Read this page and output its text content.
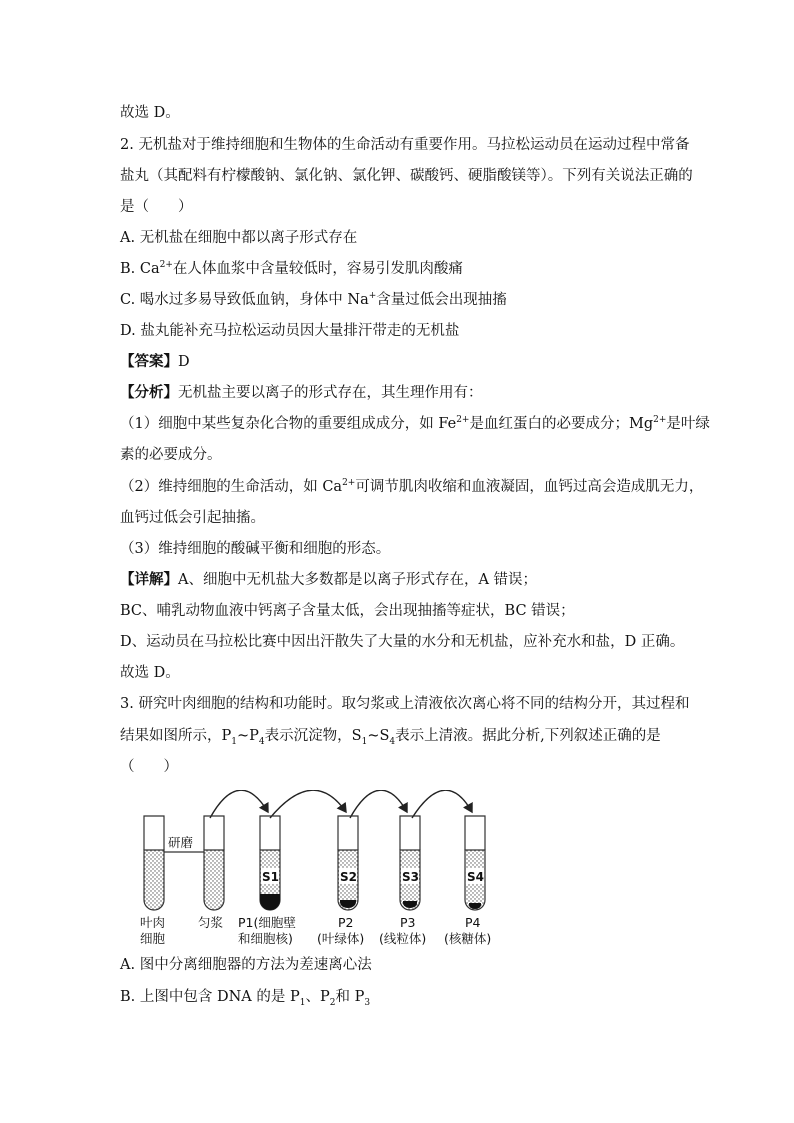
故选 D。
2. 无机盐对于维持细胞和生物体的生命活动有重要作用。马拉松运动员在运动过程中常备
盐丸（其配料有柠檬酸钠、氯化钠、氯化钾、碳酸钙、硬脂酸镁等）。下列有关说法正确的
是（　　）
A. 无机盐在细胞中都以离子形式存在
B. $Ca^{2+}$在人体血浆中含量较低时，容易引发肌肉酸痛
C. 喝水过多易导致低血钠，身体中 Na+含量过低会出现抽搐
D. 盐丸能补充马拉松运动员因大量排汗带走的无机盐
【答案】D
【分析】无机盐主要以离子的形式存在，其生理作用有：
（1）细胞中某些复杂化合物的重要组成成分，如 $Fe^{2+}$是血红蛋白的必要成分；$Mg^{2+}$是叶绿
素的必要成分。
（2）维持细胞的生命活动，如 $Ca^{2+}$可调节肌肉收缩和血液凝固，血钙过高会造成肌无力，
血钙过低会引起抽搐。
（3）维持细胞的酸碱平衡和细胞的形态。
【详解】A、细胞中无机盐大多数都是以离子形式存在，A 错误；
BC、哺乳动物血液中钙离子含量太低，会出现抽搐等症状，BC 错误；
D、运动员在马拉松比赛中因出汗散失了大量的水分和无机盐，应补充水和盐，D 正确。
故选 D。
3. 研究叶肉细胞的结构和功能时。取匀浆或上清液依次离心将不同的结构分开，其过程和
结果如图所示，$P_1\sim P_4$表示沉淀物，$S_1\sim S_4$表示上清液。据此分析,下列叙述正确的是
（　　）
研磨
S1	S2	S3	S4
叶肉
细胞
匀浆 P1(细胞壁
和细胞核)
P2
(叶绿体)
P3
(线粒体)
P4
(核糖体)
A. 图中分离细胞器的方法为差速离心法
B. 上图中包含 DNA 的是 $P_1$、$P_2$和 $P_3$
